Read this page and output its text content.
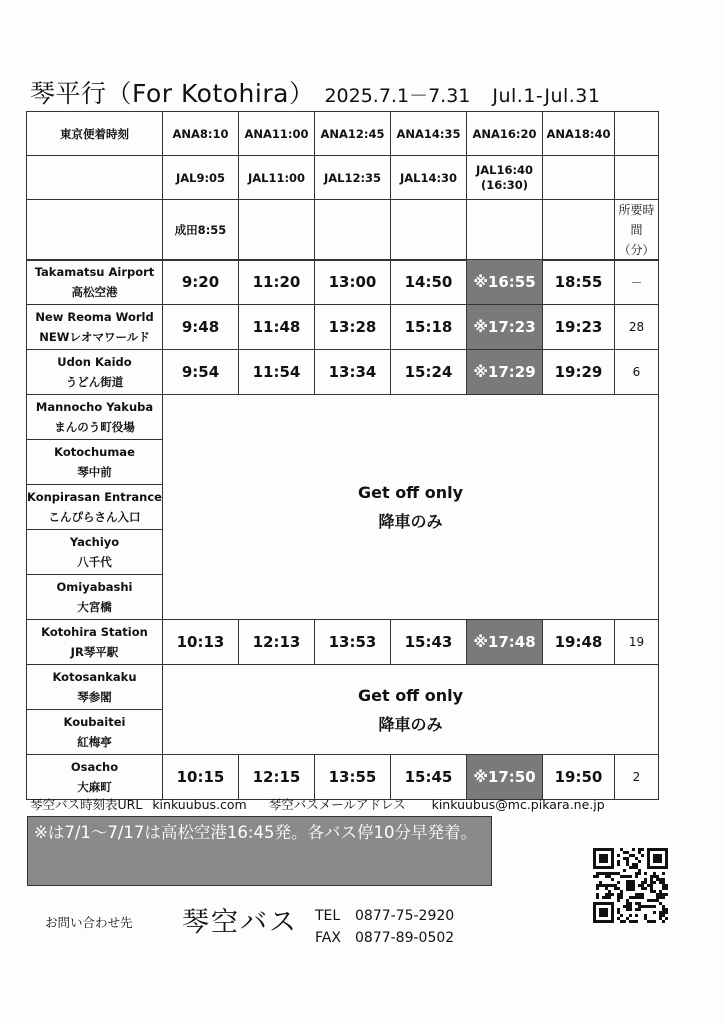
琴平行（For Kotohira） 2025.7.1－7.31 Jul.1-Jul.31
東京便着時刻	ANA8:10	ANA11:00	ANA12:45	ANA14:35	ANA16:20	ANA18:40	
	JAL9:05	JAL11:00	JAL12:35	JAL14:30	JAL16:40
(16:30)		
	成田8:55						所要時間
（分）
Takamatsu Airport
高松空港	9:20	11:20	13:00	14:50	※16:55	18:55	－
New Reoma World
NEWレオマワールド	9:48	11:48	13:28	15:18	※17:23	19:23	28
Udon Kaido
うどん街道	9:54	11:54	13:34	15:24	※17:29	19:29	6
Mannocho Yakuba
まんのう町役場	Get off only
降車のみ						
Kotochumae
琴中前							
Konpirasan Entrance
こんぴらさん入口							
Yachiyo
八千代							
Omiyabashi
大宮橋							
Kotohira Station
JR琴平駅	10:13	12:13	13:53	15:43	※17:48	19:48	19
Kotosankaku
琴参閣	Get off only
降車のみ						
Koubaitei
紅梅亭							
Osacho
大麻町	10:15	12:15	13:55	15:45	※17:50	19:50	2
琴空バス時刻表URL kinkuubus.com 琴空バスメールアドレス kinkuubus@mc.pikara.ne.jp
※は7/1～7/17は高松空港16:45発。各バス停10分早発着。
お問い合わせ先 琴空バス TEL 0877-75-2920
FAX 0877-89-0502
